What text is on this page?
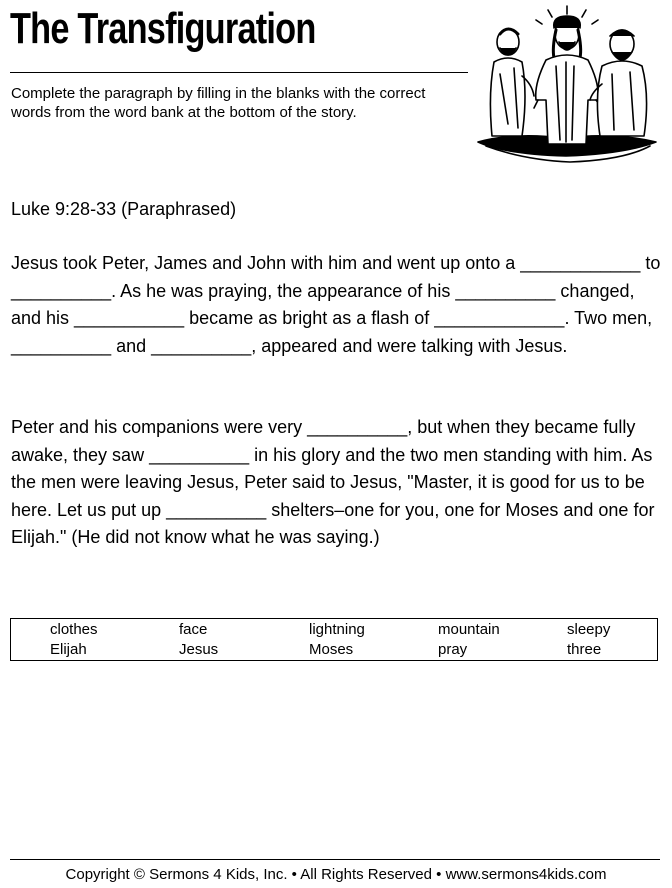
The Transfiguration
Complete the paragraph by filling in the blanks with the correct words from the word bank at the bottom of the story.
Luke 9:28-33 (Paraphrased)

Jesus took Peter, James and John with him and went up onto a ____________ to __________. As he was praying, the appearance of his __________ changed, and his ___________ became as bright as a flash of _____________. Two men, __________ and __________, appeared and were talking with Jesus.

Peter and his companions were very __________, but when they became fully awake, they saw __________ in his glory and the two men standing with him. As the men were leaving Jesus, Peter said to Jesus, "Master, it is good for us to be here. Let us put up __________ shelters–one for you, one for Moses and one for Elijah." (He did not know what he was saying.)

clothes	face	lightning	mountain	sleepy
Elijah	Jesus	Moses	pray	three
Copyright © Sermons 4 Kids, Inc. • All Rights Reserved • www.sermons4kids.com
